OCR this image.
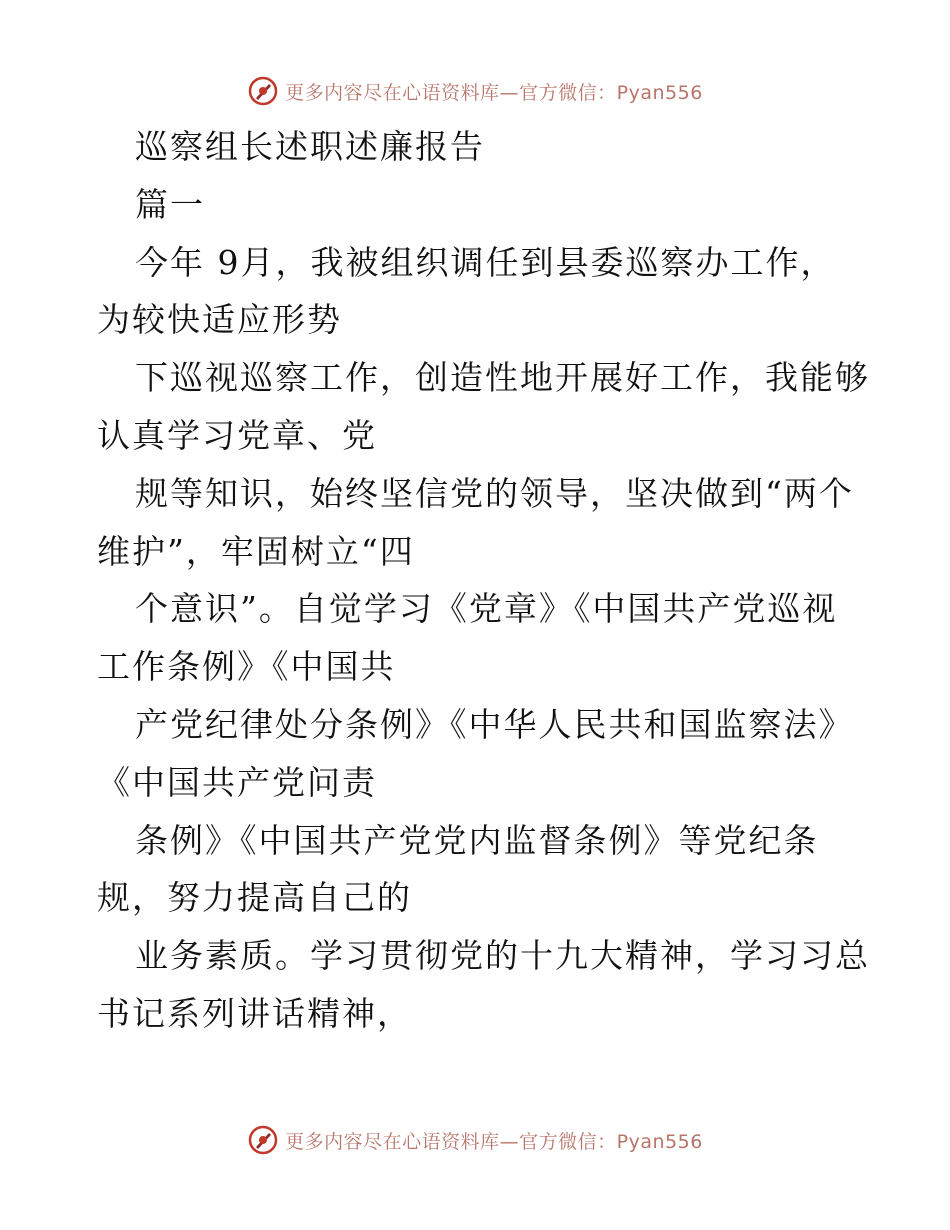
更多内容尽在心语资料库—官方微信：Pyan556
巡察组长述职述廉报告
篇一
今年 9月，我被组织调任到县委巡察办工作，
为较快适应形势
下巡视巡察工作，创造性地开展好工作，我能够
认真学习党章、党
规等知识，始终坚信党的领导，坚决做到“两个
维护”，牢固树立“四
个意识”。自觉学习《党章》《中国共产党巡视
工作条例》《中国共
产党纪律处分条例》《中华人民共和国监察法》
《中国共产党问责
条例》《中国共产党党内监督条例》等党纪条
规，努力提高自己的
业务素质。学习贯彻党的十九大精神，学习习总
书记系列讲话精神，
更多内容尽在心语资料库—官方微信：Pyan556
